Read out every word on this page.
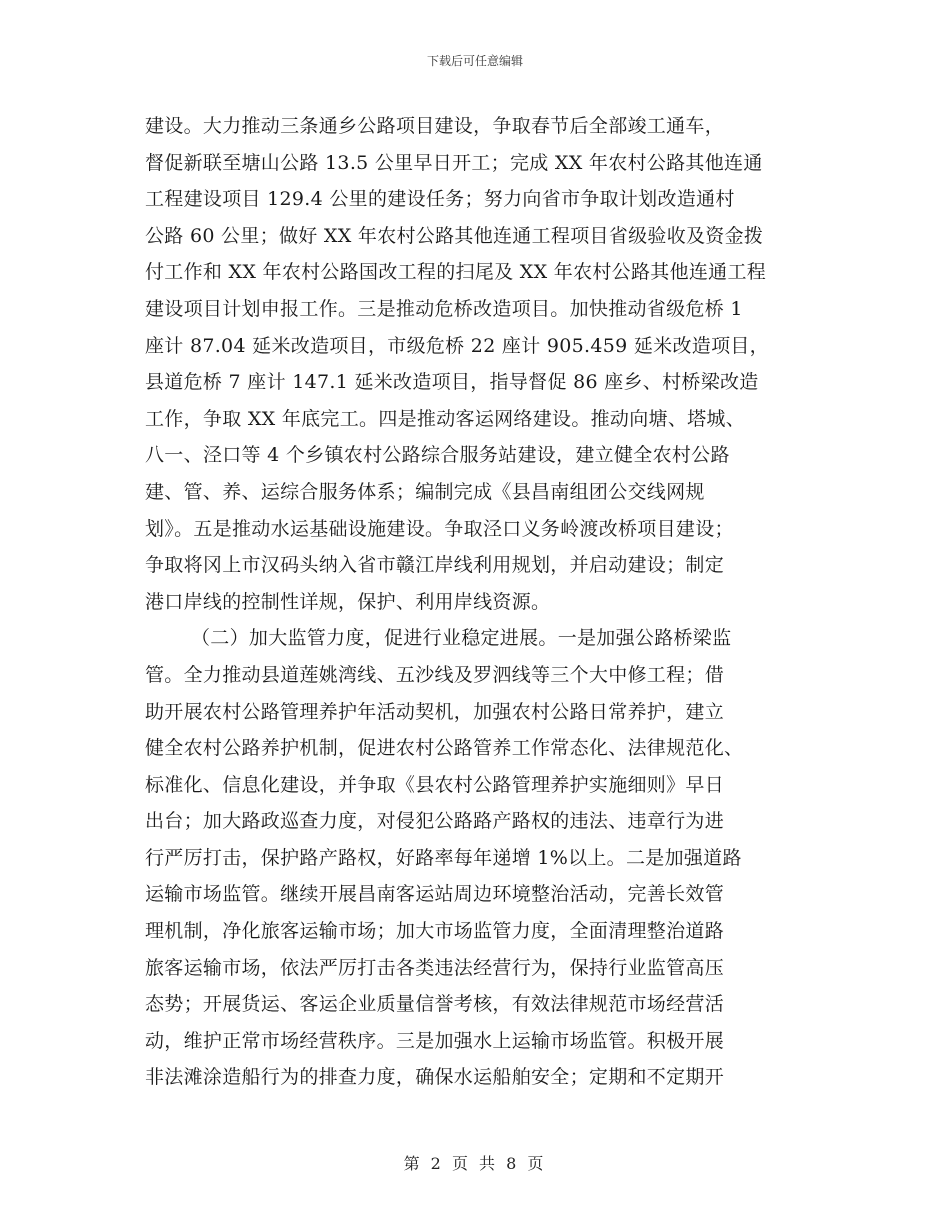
下载后可任意编辑
建设。大力推动三条通乡公路项目建设，争取春节后全部竣工通车，
督促新联至塘山公路 13.5 公里早日开工；完成 XX 年农村公路其他连通
工程建设项目 129.4 公里的建设任务；努力向省市争取计划改造通村
公路 60 公里；做好 XX 年农村公路其他连通工程项目省级验收及资金拨
付工作和 XX 年农村公路国改工程的扫尾及 XX 年农村公路其他连通工程
建设项目计划申报工作。三是推动危桥改造项目。加快推动省级危桥 1
座计 87.04 延米改造项目，市级危桥 22 座计 905.459 延米改造项目，
县道危桥 7 座计 147.1 延米改造项目，指导督促 86 座乡、村桥梁改造
工作，争取 XX 年底完工。四是推动客运网络建设。推动向塘、塔城、
八一、泾口等 4 个乡镇农村公路综合服务站建设，建立健全农村公路
建、管、养、运综合服务体系；编制完成《县昌南组团公交线网规
划》。五是推动水运基础设施建设。争取泾口义务岭渡改桥项目建设；
争取将冈上市汉码头纳入省市赣江岸线利用规划，并启动建设；制定
港口岸线的控制性详规，保护、利用岸线资源。
（二）加大监管力度，促进行业稳定进展。一是加强公路桥梁监
管。全力推动县道莲姚湾线、五沙线及罗泗线等三个大中修工程；借
助开展农村公路管理养护年活动契机，加强农村公路日常养护，建立
健全农村公路养护机制，促进农村公路管养工作常态化、法律规范化、
标准化、信息化建设，并争取《县农村公路管理养护实施细则》早日
出台；加大路政巡查力度，对侵犯公路路产路权的违法、违章行为进
行严厉打击，保护路产路权，好路率每年递增 1%以上。二是加强道路
运输市场监管。继续开展昌南客运站周边环境整治活动，完善长效管
理机制，净化旅客运输市场；加大市场监管力度，全面清理整治道路
旅客运输市场，依法严厉打击各类违法经营行为，保持行业监管高压
态势；开展货运、客运企业质量信誉考核，有效法律规范市场经营活
动，维护正常市场经营秩序。三是加强水上运输市场监管。积极开展
非法滩涂造船行为的排查力度，确保水运船舶安全；定期和不定期开
第 2 页 共 8 页
